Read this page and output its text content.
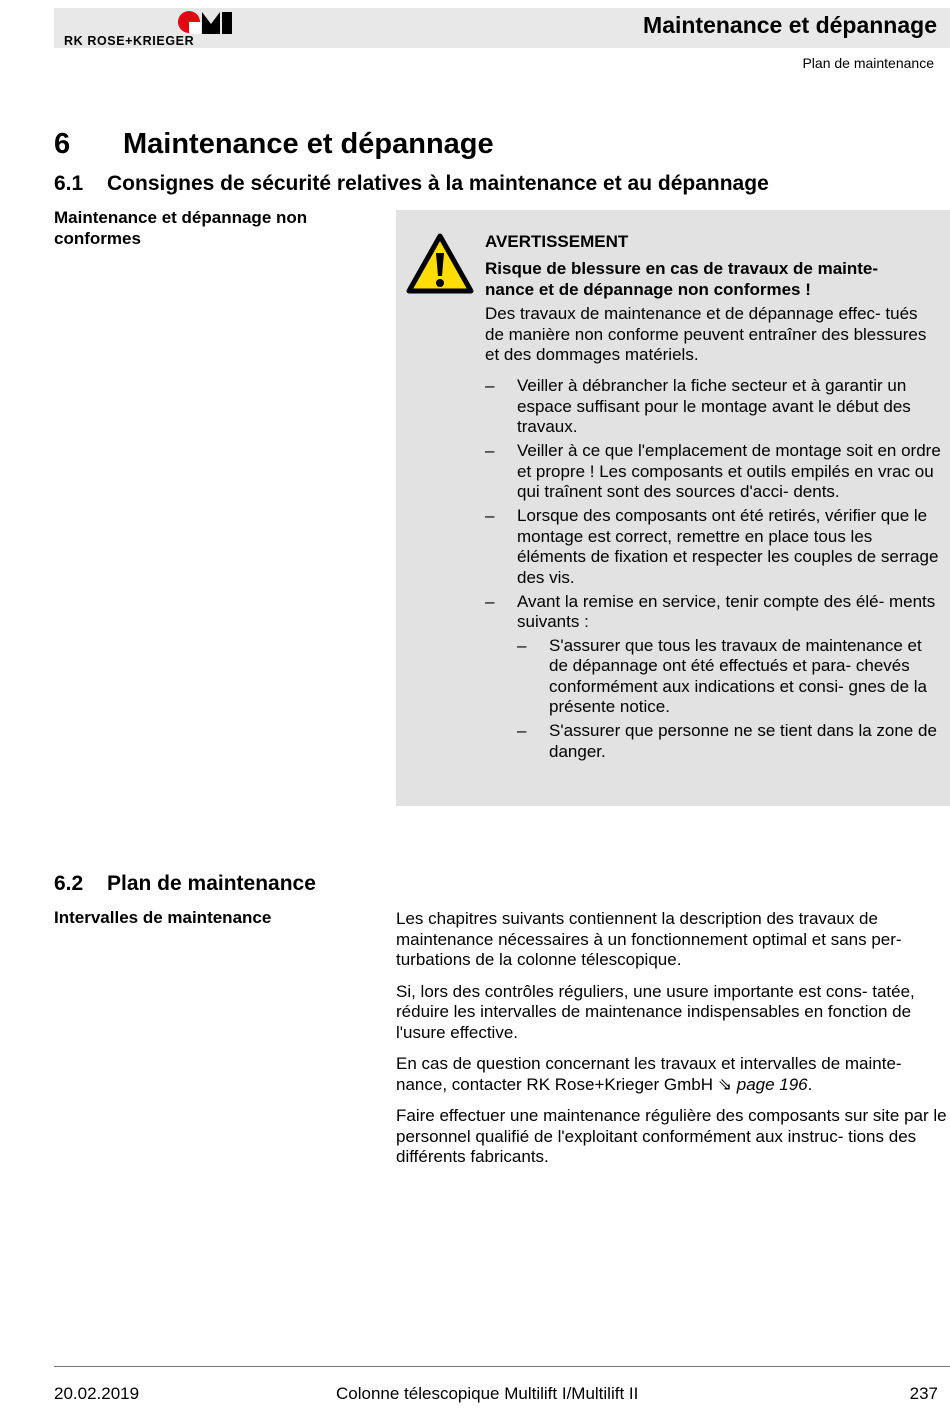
RK ROSE+KRIEGER
Maintenance et dépannage
Plan de maintenance
6 Maintenance et dépannage
6.1 Consignes de sécurité relatives à la maintenance et au dépannage
Maintenance et dépannage non conformes	AVERTISSEMENT
Risque de blessure en cas de travaux de mainte- nance et de dépannage non conformes !
Des travaux de maintenance et de dépannage effec- tués de manière non conforme peuvent entraîner des blessures et des dommages matériels.
– Veiller à débrancher la fiche secteur et à garantir un espace suffisant pour le montage avant le début des travaux.
– Veiller à ce que l'emplacement de montage soit en ordre et propre ! Les composants et outils empilés en vrac ou qui traînent sont des sources d'acci- dents.
– Lorsque des composants ont été retirés, vérifier que le montage est correct, remettre en place tous les éléments de fixation et respecter les couples de serrage des vis.
– Avant la remise en service, tenir compte des élé- ments suivants :
– S'assurer que tous les travaux de maintenance et de dépannage ont été effectués et para- chevés conformément aux indications et consi- gnes de la présente notice.
– S'assurer que personne ne se tient dans la zone de danger.
6.2 Plan de maintenance
Intervalles de maintenance	Les chapitres suivants contiennent la description des travaux de maintenance nécessaires à un fonctionnement optimal et sans per- turbations de la colonne télescopique.

Si, lors des contrôles réguliers, une usure importante est cons- tatée, réduire les intervalles de maintenance indispensables en fonction de l'usure effective.

En cas de question concernant les travaux et intervalles de mainte- nance, contacter RK Rose+Krieger GmbH ⇘ page 196.

Faire effectuer une maintenance régulière des composants sur site par le personnel qualifié de l'exploitant conformément aux instruc- tions des différents fabricants.

20.02.2019	Colonne télescopique Multilift I/Multilift II	237
